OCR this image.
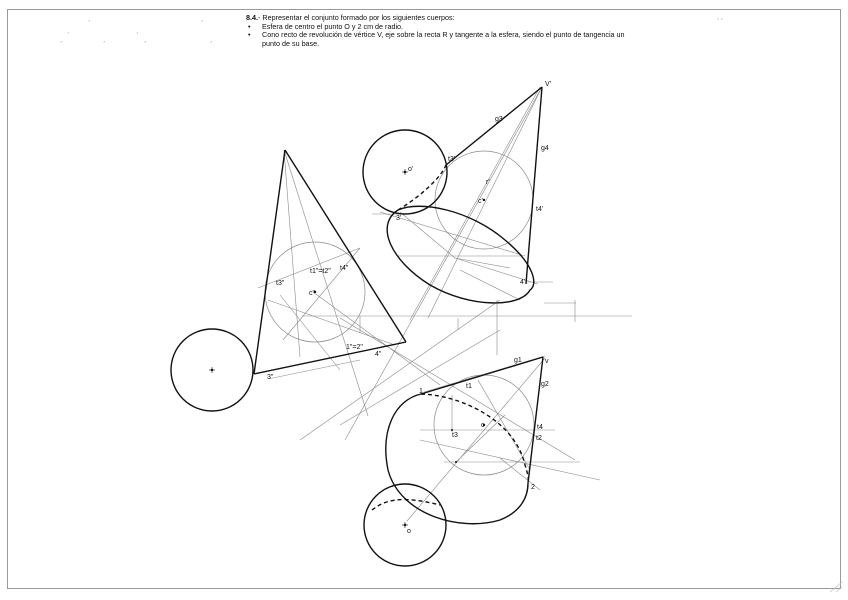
8.4.- Representar el conjunto formado por los siguientes cuerpos:
• Esfera de centro el punto O y 2 cm de radio.
• Cono recto de revolución de vértice V, eje sobre la recta R y tangente a la esfera, siendo el punto de tangencia un
punto de su base.
ˏ	ˏ
ˏ	ˏ
ˏ	ˏ	ˏ	ˏ
ˏ ˏ
V'
g3
g4
o'
t3'
r'
c'
t4'
3'
4'
t1"=t2" t4"
t3"
c"
1"=2"
4"
3"
v
g1
g2
1
t1
c
t3
t4
t2
2
o
